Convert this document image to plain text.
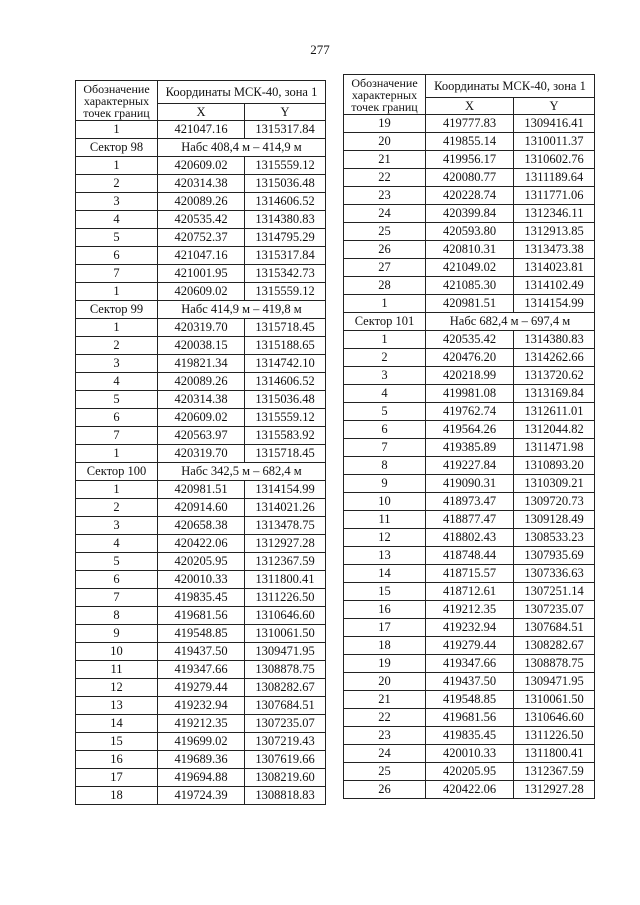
277
Обозначение характерных точек границ	Координаты МСК-40, зона 1	
	X	Y
1	421047.16	1315317.84
Сектор 98	Набс 408,4 м – 414,9 м	
1	420609.02	1315559.12
2	420314.38	1315036.48
3	420089.26	1314606.52
4	420535.42	1314380.83
5	420752.37	1314795.29
6	421047.16	1315317.84
7	421001.95	1315342.73
1	420609.02	1315559.12
Сектор 99	Набс 414,9 м – 419,8 м	
1	420319.70	1315718.45
2	420038.15	1315188.65
3	419821.34	1314742.10
4	420089.26	1314606.52
5	420314.38	1315036.48
6	420609.02	1315559.12
7	420563.97	1315583.92
1	420319.70	1315718.45
Сектор 100	Набс 342,5 м – 682,4 м	
1	420981.51	1314154.99
2	420914.60	1314021.26
3	420658.38	1313478.75
4	420422.06	1312927.28
5	420205.95	1312367.59
6	420010.33	1311800.41
7	419835.45	1311226.50
8	419681.56	1310646.60
9	419548.85	1310061.50
10	419437.50	1309471.95
11	419347.66	1308878.75
12	419279.44	1308282.67
13	419232.94	1307684.51
14	419212.35	1307235.07
15	419699.02	1307219.43
16	419689.36	1307619.66
17	419694.88	1308219.60
18	419724.39	1308818.83
Обозначение характерных точек границ	Координаты МСК-40, зона 1	
	X	Y
19	419777.83	1309416.41
20	419855.14	1310011.37
21	419956.17	1310602.76
22	420080.77	1311189.64
23	420228.74	1311771.06
24	420399.84	1312346.11
25	420593.80	1312913.85
26	420810.31	1313473.38
27	421049.02	1314023.81
28	421085.30	1314102.49
1	420981.51	1314154.99
Сектор 101	Набс 682,4 м – 697,4 м	
1	420535.42	1314380.83
2	420476.20	1314262.66
3	420218.99	1313720.62
4	419981.08	1313169.84
5	419762.74	1312611.01
6	419564.26	1312044.82
7	419385.89	1311471.98
8	419227.84	1310893.20
9	419090.31	1310309.21
10	418973.47	1309720.73
11	418877.47	1309128.49
12	418802.43	1308533.23
13	418748.44	1307935.69
14	418715.57	1307336.63
15	418712.61	1307251.14
16	419212.35	1307235.07
17	419232.94	1307684.51
18	419279.44	1308282.67
19	419347.66	1308878.75
20	419437.50	1309471.95
21	419548.85	1310061.50
22	419681.56	1310646.60
23	419835.45	1311226.50
24	420010.33	1311800.41
25	420205.95	1312367.59
26	420422.06	1312927.28
